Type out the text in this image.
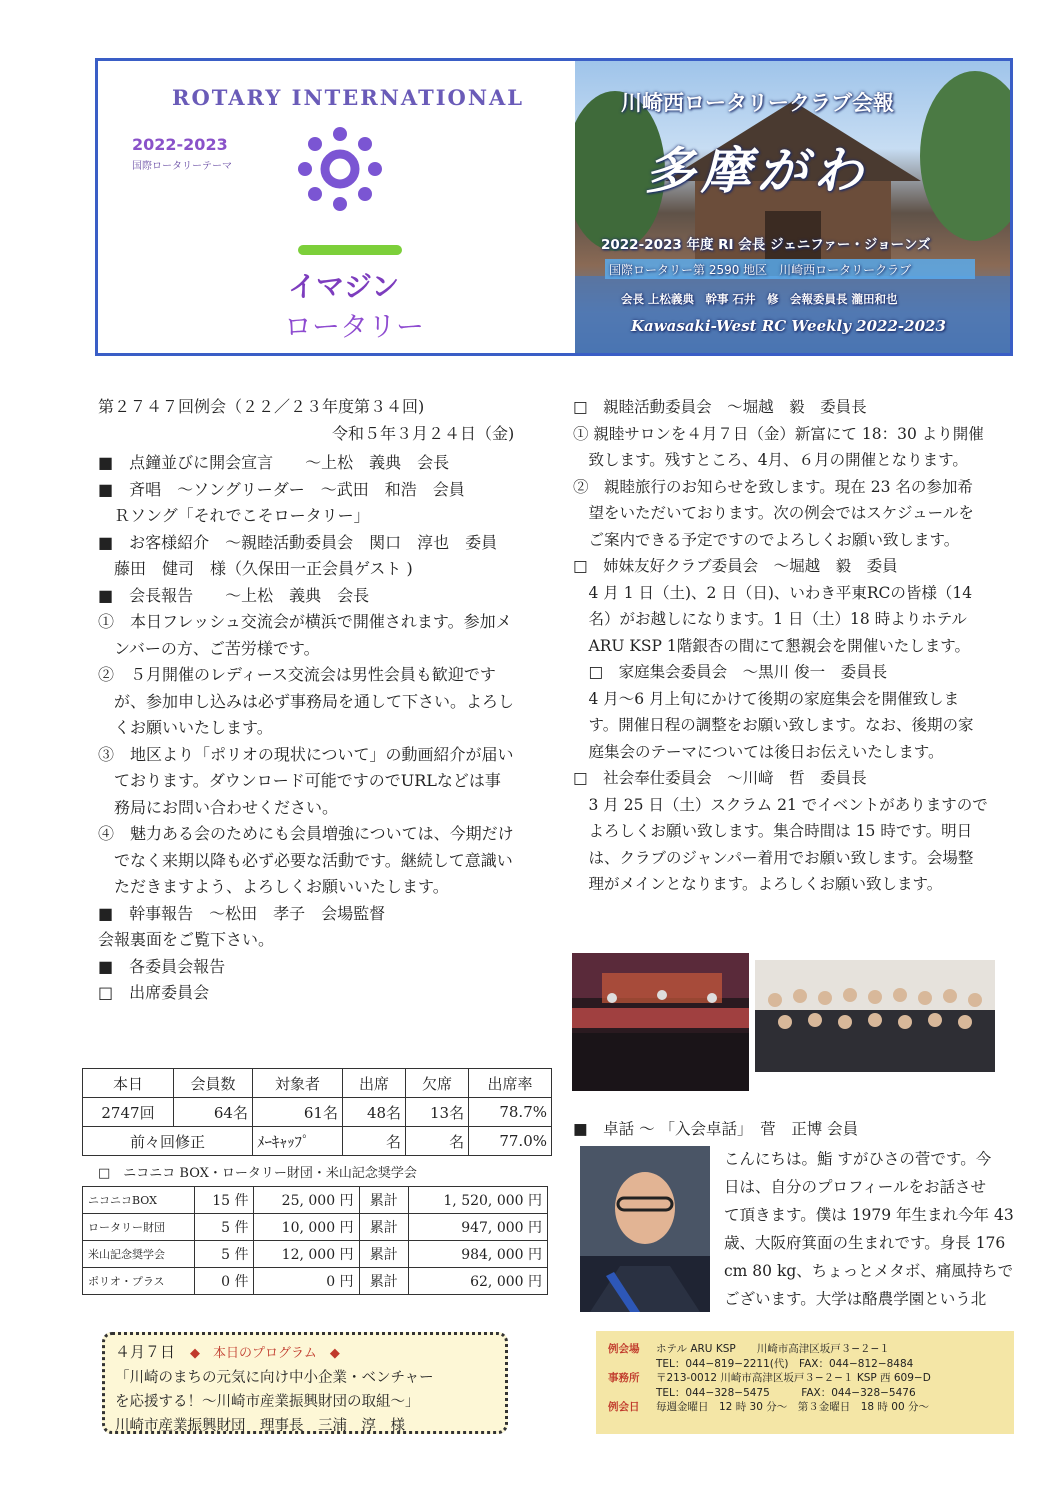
ROTARY INTERNATIONAL
2022-2023
国際ロータリーテーマ
イマジン
ロータリー
川崎西ロータリークラブ会報
多摩がわ
2022-2023 年度 RI 会長 ジェニファー・ジョーンズ
国際ロータリー第 2590 地区　川崎西ロータリークラブ
会長 上松義典　幹事 石井　修　会報委員長 瀧田和也
Kawasaki-West RC Weekly 2022-2023
第２７４７回例会（２２／２３年度第３４回)
令和５年３月２４日（金)
■　点鐘並びに開会宣言　　～上松　義典　会長
■　斉唱　～ソングリーダー　～武田　和浩　会員
　Ｒソング「それでこそロータリー」
■　お客様紹介　～親睦活動委員会　関口　淳也　委員
　藤田　健司　様（久保田一正会員ゲスト )
■　会長報告　　～上松　義典　会長
①　本日フレッシュ交流会が横浜で開催されます。参加メ
　ンバーの方、ご苦労様です。
②　５月開催のレディース交流会は男性会員も歓迎です
　が、参加申し込みは必ず事務局を通して下さい。よろし
　くお願いいたします。
③　地区より「ポリオの現状について」の動画紹介が届い
　ております。ダウンロード可能ですのでURLなどは事
　務局にお問い合わせください。
④　魅力ある会のためにも会員増強については、今期だけ
　でなく来期以降も必ず必要な活動です。継続して意識い
　ただきますよう、よろしくお願いいたします。
■　幹事報告　～松田　孝子　会場監督
会報裏面をご覧下さい。
■　各委員会報告
□　出席委員会
本日	会員数	対象者	出席	欠席	出席率
2747回	64名	61名	48名	13名	78.7%
前々回修正		ﾒｰｷｬｯﾌﾟ	名	名	77.0%
□　ニコニコ BOX・ロータリー財団・米山記念奨学会
ニコニコBOX	15 件	25, 000 円	累計	1, 520, 000 円
ロータリー財団	5 件	10, 000 円	累計	947, 000 円
米山記念奨学会	5 件	12, 000 円	累計	984, 000 円
ポリオ・プラス	0 件	0 円	累計	62, 000 円
４月７日　 ◆　本日のプログラム　◆
「川崎のまちの元気に向け中小企業・ベンチャー
を応援する！～川崎市産業振興財団の取組～」
川崎市産業振興財団　理事長　三浦　淳　様
□　親睦活動委員会　～堀越　毅　委員長
① 親睦サロンを４月７日（金）新富にて 18：30 より開催
　致します。残すところ、4月、６月の開催となります。
②　親睦旅行のお知らせを致します。現在 23 名の参加希
　望をいただいております。次の例会ではスケジュールを
　ご案内できる予定ですのでよろしくお願い致します。
□　姉妹友好クラブ委員会　～堀越　毅　委員
　4 月 1 日（土)、2 日（日)、いわき平東RCの皆様（14
　名）がお越しになります。1 日（土）18 時よりホテル
　ARU KSP 1階銀杏の間にて懇親会を開催いたします。
　□　家庭集会委員会　～黒川 俊一　委員長
　4 月～6 月上旬にかけて後期の家庭集会を開催致しま
　す。開催日程の調整をお願い致します。なお、後期の家
　庭集会のテーマについては後日お伝えいたします。
□　社会奉仕委員会　～川﨑　哲　委員長
　3 月 25 日（土）スクラム 21 でイベントがありますので
　よろしくお願い致します。集合時間は 15 時です。明日
　は、クラブのジャンパー着用でお願い致します。会場整
　理がメインとなります。よろしくお願い致します。
■　卓話 ～ 「入会卓話」　菅　正博 会員
こんにちは。鮨 すがひさの菅です。今
日は、自分のプロフィールをお話させ
て頂きます。僕は 1979 年生まれ今年 43
歳、大阪府箕面の生まれです。身長 176
cm 80 kg、ちょっとメタボ、痛風持ちで
ございます。大学は酪農学園という北
例会場 ホテル ARU KSP　　川崎市高津区坂戸３−２−１
TEL：044−819−2211(代)　FAX：044−812−8484
事務所 〒213-0012 川崎市高津区坂戸３−２−１ KSP 西 609−D
TEL：044−328−5475　　　FAX：044−328−5476
例会日 毎週金曜日　12 時 30 分～　第３金曜日　18 時 00 分～
